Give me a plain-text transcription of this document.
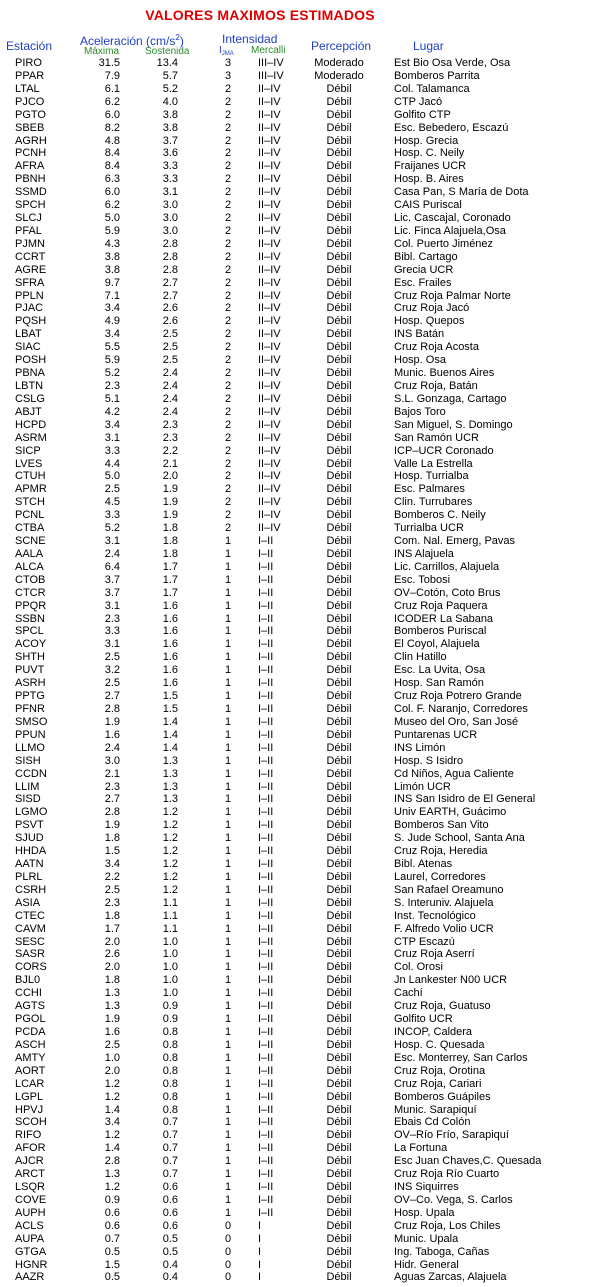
VALORES MAXIMOS ESTIMADOS
Estación Aceleración $(cm/s^2)$
Máxima	Sostenida
Intensidad
$I_{JMA}$ Mercalli Percepción	Lugar
PIRO	31.5	13.4	3 III–IV	Moderado	Est Bio Osa Verde, Osa
PPAR	7.9	5.7	3 III–IV	Moderado	Bomberos Parrita
LTAL	6.1	5.2	2 II–IV	Débil	Col. Talamanca
PJCO	6.2	4.0	2 II–IV	Débil	CTP Jacó
PGTO	6.0	3.8	2 II–IV	Débil	Golfito CTP
SBEB	8.2	3.8	2 II–IV	Débil	Esc. Bebedero, Escazú
AGRH	4.8	3.7	2 II–IV	Débil	Hosp. Grecia
PCNH	8.4	3.6	2 II–IV	Débil	Hosp. C. Neily
AFRA	8.4	3.3	2 II–IV	Débil	Fraijanes UCR
PBNH	6.3	3.3	2 II–IV	Débil	Hosp. B. Aires
SSMD	6.0	3.1	2 II–IV	Débil	Casa Pan, S María de Dota
SPCH	6.2	3.0	2 II–IV	Débil	CAIS Puriscal
SLCJ	5.0	3.0	2 II–IV	Débil	Lic. Cascajal, Coronado
PFAL	5.9	3.0	2 II–IV	Débil	Lic. Finca Alajuela,Osa
PJMN	4.3	2.8	2 II–IV	Débil	Col. Puerto Jiménez
CCRT	3.8	2.8	2 II–IV	Débil	Bibl. Cartago
AGRE	3.8	2.8	2 II–IV	Débil	Grecia UCR
SFRA	9.7	2.7	2 II–IV	Débil	Esc. Frailes
PPLN	7.1	2.7	2 II–IV	Débil	Cruz Roja Palmar Norte
PJAC	3.4	2.6	2 II–IV	Débil	Cruz Roja Jacó
PQSH	4.9	2.6	2 II–IV	Débil	Hosp. Quepos
LBAT	3.4	2.5	2 II–IV	Débil	INS Batán
SIAC	5.5	2.5	2 II–IV	Débil	Cruz Roja Acosta
POSH	5.9	2.5	2 II–IV	Débil	Hosp. Osa
PBNA	5.2	2.4	2 II–IV	Débil	Munic. Buenos Aires
LBTN	2.3	2.4	2 II–IV	Débil	Cruz Roja, Batán
CSLG	5.1	2.4	2 II–IV	Débil	S.L. Gonzaga, Cartago
ABJT	4.2	2.4	2 II–IV	Débil	Bajos Toro
HCPD	3.4	2.3	2 II–IV	Débil	San Miguel, S. Domingo
ASRM	3.1	2.3	2 II–IV	Débil	San Ramón UCR
SICP	3.3	2.2	2 II–IV	Débil	ICP–UCR Coronado
LVES	4.4	2.1	2 II–IV	Débil	Valle La Estrella
CTUH	5.0	2.0	2 II–IV	Débil	Hosp. Turrialba
APMR	2.5	1.9	2 II–IV	Débil	Esc. Palmares
STCH	4.5	1.9	2 II–IV	Débil	Clin. Turrubares
PCNL	3.3	1.9	2 II–IV	Débil	Bomberos C. Neily
CTBA	5.2	1.8	2 II–IV	Débil	Turrialba UCR
SCNE	3.1	1.8	1 I–II	Débil	Com. Nal. Emerg, Pavas
AALA	2.4	1.8	1 I–II	Débil	INS Alajuela
ALCA	6.4	1.7	1 I–II	Débil	Lic. Carrillos, Alajuela
CTOB	3.7	1.7	1 I–II	Débil	Esc. Tobosi
CTCR	3.7	1.7	1 I–II	Débil	OV–Cotón, Coto Brus
PPQR	3.1	1.6	1 I–II	Débil	Cruz Roja Paquera
SSBN	2.3	1.6	1 I–II	Débil	ICODER La Sabana
SPCL	3.3	1.6	1 I–II	Débil	Bomberos Puriscal
ACOY	3.1	1.6	1 I–II	Débil	El Coyol, Alajuela
SHTH	2.5	1.6	1 I–II	Débil	Clin Hatillo
PUVT	3.2	1.6	1 I–II	Débil	Esc. La Uvita, Osa
ASRH	2.5	1.6	1 I–II	Débil	Hosp. San Ramón
PPTG	2.7	1.5	1 I–II	Débil	Cruz Roja Potrero Grande
PFNR	2.8	1.5	1 I–II	Débil	Col. F. Naranjo, Corredores
SMSO	1.9	1.4	1 I–II	Débil	Museo del Oro, San José
PPUN	1.6	1.4	1 I–II	Débil	Puntarenas UCR
LLMO	2.4	1.4	1 I–II	Débil	INS Limón
SISH	3.0	1.3	1 I–II	Débil	Hosp. S Isidro
CCDN	2.1	1.3	1 I–II	Débil	Cd Niños, Agua Caliente
LLIM	2.3	1.3	1 I–II	Débil	Limón UCR
SISD	2.7	1.3	1 I–II	Débil	INS San Isidro de El General
LGMO	2.8	1.2	1 I–II	Débil	Univ EARTH, Guácimo
PSVT	1.9	1.2	1 I–II	Débil	Bomberos San Vito
SJUD	1.8	1.2	1 I–II	Débil	S. Jude School, Santa Ana
HHDA	1.5	1.2	1 I–II	Débil	Cruz Roja, Heredia
AATN	3.4	1.2	1 I–II	Débil	Bibl. Atenas
PLRL	2.2	1.2	1 I–II	Débil	Laurel, Corredores
CSRH	2.5	1.2	1 I–II	Débil	San Rafael Oreamuno
ASIA	2.3	1.1	1 I–II	Débil	S. Interuniv. Alajuela
CTEC	1.8	1.1	1 I–II	Débil	Inst. Tecnológico
CAVM	1.7	1.1	1 I–II	Débil	F. Alfredo Volio UCR
SESC	2.0	1.0	1 I–II	Débil	CTP Escazú
SASR	2.6	1.0	1 I–II	Débil	Cruz Roja Aserrí
CORS	2.0	1.0	1 I–II	Débil	Col. Orosi
BJL0	1.8	1.0	1 I–II	Débil	Jn Lankester N00 UCR
CCHI	1.3	1.0	1 I–II	Débil	Cachí
AGTS	1.3	0.9	1 I–II	Débil	Cruz Roja, Guatuso
PGOL	1.9	0.9	1 I–II	Débil	Golfito UCR
PCDA	1.6	0.8	1 I–II	Débil	INCOP, Caldera
ASCH	2.5	0.8	1 I–II	Débil	Hosp. C. Quesada
AMTY	1.0	0.8	1 I–II	Débil	Esc. Monterrey, San Carlos
AORT	2.0	0.8	1 I–II	Débil	Cruz Roja, Orotina
LCAR	1.2	0.8	1 I–II	Débil	Cruz Roja, Cariari
LGPL	1.2	0.8	1 I–II	Débil	Bomberos Guápiles
HPVJ	1.4	0.8	1 I–II	Débil	Munic. Sarapiquí
SCOH	3.4	0.7	1 I–II	Débil	Ebais Cd Colón
RIFO	1.2	0.7	1 I–II	Débil	OV–Río Frío, Sarapiquí
AFOR	1.4	0.7	1 I–II	Débil	La Fortuna
AJCR	2.8	0.7	1 I–II	Débil	Esc Juan Chaves,C. Quesada
ARCT	1.3	0.7	1 I–II	Débil	Cruz Roja Río Cuarto
LSQR	1.2	0.6	1 I–II	Débil	INS Siquirres
COVE	0.9	0.6	1 I–II	Débil	OV–Co. Vega, S. Carlos
AUPH	0.6	0.6	1 I–II	Débil	Hosp. Upala
ACLS	0.6	0.6	0 I	Débil	Cruz Roja, Los Chiles
AUPA	0.7	0.5	0 I	Débil	Munic. Upala
GTGA	0.5	0.5	0 I	Débil	Ing. Taboga, Cañas
HGNR	1.5	0.4	0 I	Débil	Hidr. General
AAZR	0.5	0.4	0 I	Débil	Aguas Zarcas, Alajuela
